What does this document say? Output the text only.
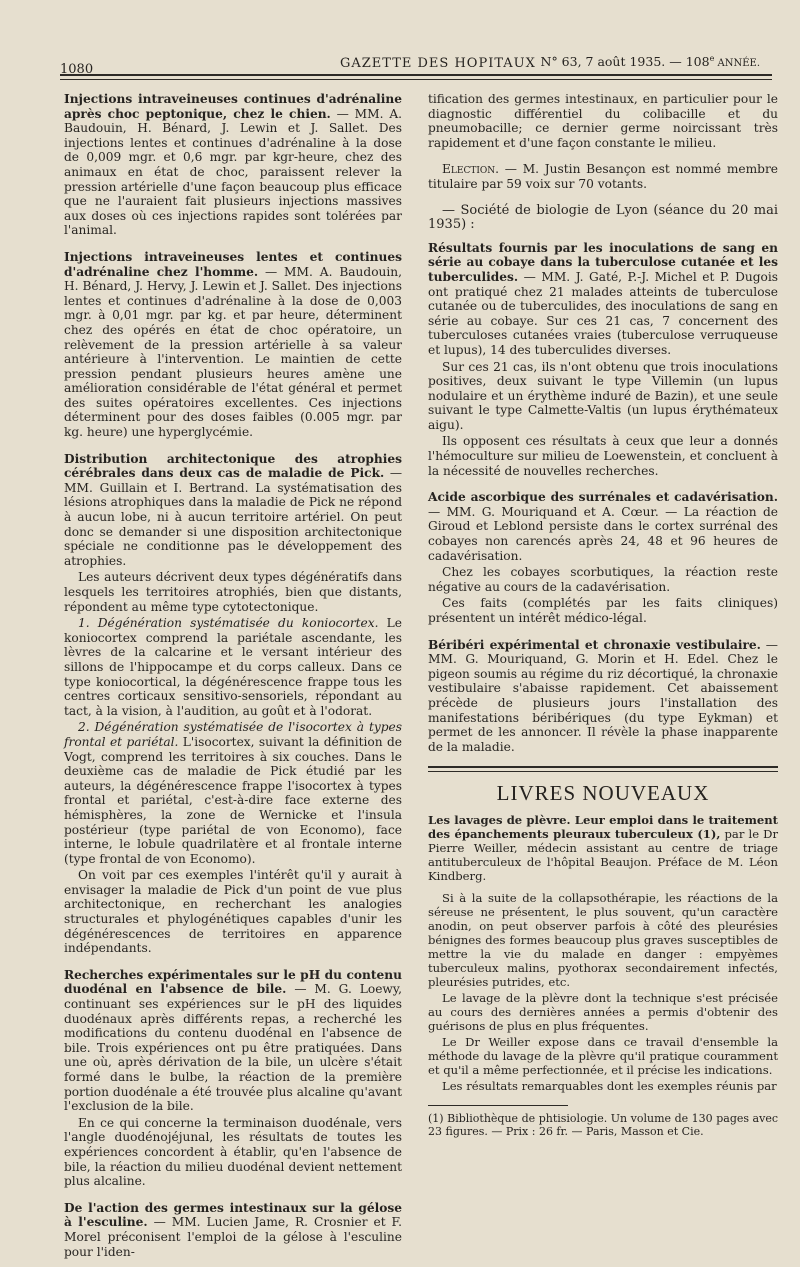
1080	GAZETTE DES HOPITAUX N° 63, 7 août 1935. — 108e ANNÉE.

Injections intraveineuses continues d'adrénaline après choc peptonique, chez le chien. — MM. A. Baudouin, H. Bénard, J. Lewin et J. Sallet. Des injections lentes et continues d'adrénaline à la dose de 0,009 mgr. et 0,6 mgr. par kgr-heure, chez des animaux en état de choc, paraissent relever la pression artérielle d'une façon beaucoup plus efficace que ne l'auraient fait plusieurs injections massives aux doses où ces injections rapides sont tolérées par l'animal.

Injections intraveineuses lentes et continues d'adrénaline chez l'homme. — MM. A. Baudouin, H. Bénard, J. Hervy, J. Lewin et J. Sallet. Des injections lentes et continues d'adrénaline à la dose de 0,003 mgr. à 0,01 mgr. par kg. et par heure, déterminent chez des opérés en état de choc opératoire, un relèvement de la pression artérielle à sa valeur antérieure à l'intervention. Le maintien de cette pression pendant plusieurs heures amène une amélioration considérable de l'état général et permet des suites opératoires excellentes. Ces injections déterminent pour des doses faibles (0.005 mgr. par kg. heure) une hyperglycémie.

Distribution architectonique des atrophies cérébrales dans deux cas de maladie de Pick. — MM. Guillain et I. Bertrand. La systématisation des lésions atrophiques dans la maladie de Pick ne répond à aucun lobe, ni à aucun territoire artériel. On peut donc se demander si une disposition architectonique spéciale ne conditionne pas le développement des atrophies.

Les auteurs décrivent deux types dégénératifs dans lesquels les territoires atrophiés, bien que distants, répondent au même type cytotectonique.

1. Dégénération systématisée du koniocortex. Le koniocortex comprend la pariétale ascendante, les lèvres de la calcarine et le versant intérieur des sillons de l'hippocampe et du corps calleux. Dans ce type koniocortical, la dégénérescence frappe tous les centres corticaux sensitivo-sensoriels, répondant au tact, à la vision, à l'audition, au goût et à l'odorat.

2. Dégénération systématisée de l'isocortex à types frontal et pariétal. L'isocortex, suivant la définition de Vogt, comprend les territoires à six couches. Dans le deuxième cas de maladie de Pick étudié par les auteurs, la dégénérescence frappe l'isocortex à types frontal et pariétal, c'est-à-dire face externe des hémisphères, la zone de Wernicke et l'insula postérieur (type pariétal de von Economo), face interne, le lobule quadrilatère et al frontale interne (type frontal de von Economo).

On voit par ces exemples l'intérêt qu'il y aurait à envisager la maladie de Pick d'un point de vue plus architectonique, en recherchant les analogies structurales et phylogénétiques capables d'unir les dégénérescences de territoires en apparence indépendants.

Recherches expérimentales sur le pH du contenu duodénal en l'absence de bile. — M. G. Loewy, continuant ses expériences sur le pH des liquides duodénaux après différents repas, a recherché les modifications du contenu duodénal en l'absence de bile. Trois expériences ont pu être pratiquées. Dans une où, après dérivation de la bile, un ulcère s'était formé dans le bulbe, la réaction de la première portion duodénale a été trouvée plus alcaline qu'avant l'exclusion de la bile.

En ce qui concerne la terminaison duodénale, vers l'angle duodénojéjunal, les résultats de toutes les expériences concordent à établir, qu'en l'absence de bile, la réaction du milieu duodénal devient nettement plus alcaline.

De l'action des germes intestinaux sur la gélose à l'esculine. — MM. Lucien Jame, R. Crosnier et F. Morel préconisent l'emploi de la gélose à l'esculine pour l'iden-

tification des germes intestinaux, en particulier pour le diagnostic différentiel du colibacille et du pneumobacille; ce dernier germe noircissant très rapidement et d'une façon constante le milieu.

Election. — M. Justin Besançon est nommé membre titulaire par 59 voix sur 70 votants.

— Société de biologie de Lyon (séance du 20 mai 1935) :

Résultats fournis par les inoculations de sang en série au cobaye dans la tuberculose cutanée et les tuberculides. — MM. J. Gaté, P.-J. Michel et P. Dugois ont pratiqué chez 21 malades atteints de tuberculose cutanée ou de tuberculides, des inoculations de sang en série au cobaye. Sur ces 21 cas, 7 concernent des tuberculoses cutanées vraies (tuberculose verruqueuse et lupus), 14 des tuberculides diverses.

Sur ces 21 cas, ils n'ont obtenu que trois inoculations positives, deux suivant le type Villemin (un lupus nodulaire et un érythème induré de Bazin), et une seule suivant le type Calmette-Valtis (un lupus érythémateux aigu).

Ils opposent ces résultats à ceux que leur a donnés l'hémoculture sur milieu de Loewenstein, et concluent à la nécessité de nouvelles recherches.

Acide ascorbique des surrénales et cadavérisation. — MM. G. Mouriquand et A. Cœur. — La réaction de Giroud et Leblond persiste dans le cortex surrénal des cobayes non carencés après 24, 48 et 96 heures de cadavérisation.

Chez les cobayes scorbutiques, la réaction reste négative au cours de la cadavérisation.

Ces faits (complétés par les faits cliniques) présentent un intérêt médico-légal.

Béribéri expérimental et chronaxie vestibulaire. — MM. G. Mouriquand, G. Morin et H. Edel. Chez le pigeon soumis au régime du riz décortiqué, la chronaxie vestibulaire s'abaisse rapidement. Cet abaissement précède de plusieurs jours l'installation des manifestations béribériques (du type Eykman) et permet de les annoncer. Il révèle la phase inapparente de la maladie.

LIVRES NOUVEAUX

Les lavages de plèvre. Leur emploi dans le traitement des épanchements pleuraux tuberculeux (1), par le Dr Pierre Weiller, médecin assistant au centre de triage antituberculeux de l'hôpital Beaujon. Préface de M. Léon Kindberg.

Si à la suite de la collapsothérapie, les réactions de la séreuse ne présentent, le plus souvent, qu'un caractère anodin, on peut observer parfois à côté des pleurésies bénignes des formes beaucoup plus graves susceptibles de mettre la vie du malade en danger : empyèmes tuberculeux malins, pyothorax secondairement infectés, pleurésies putrides, etc.

Le lavage de la plèvre dont la technique s'est précisée au cours des dernières années a permis d'obtenir des guérisons de plus en plus fréquentes.

Le Dr Weiller expose dans ce travail d'ensemble la méthode du lavage de la plèvre qu'il pratique couramment et qu'il a même perfectionnée, et il précise les indications.

Les résultats remarquables dont les exemples réunis par

(1) Bibliothèque de phtisiologie. Un volume de 130 pages avec 23 figures. — Prix : 26 fr. — Paris, Masson et Cie.
